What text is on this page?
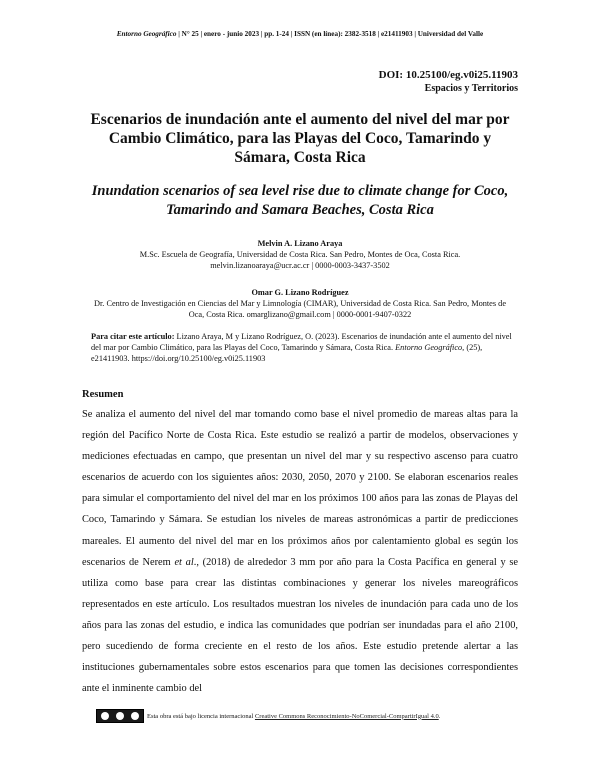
Entorno Geográfico | N° 25 | enero - junio 2023 | pp. 1-24 | ISSN (en línea): 2382-3518 | e21411903 | Universidad del Valle
DOI: 10.25100/eg.v0i25.11903
Espacios y Territorios
Escenarios de inundación ante el aumento del nivel del mar por Cambio Climático, para las Playas del Coco, Tamarindo y Sámara, Costa Rica
Inundation scenarios of sea level rise due to climate change for Coco, Tamarindo and Samara Beaches, Costa Rica
Melvin A. Lizano Araya
M.Sc. Escuela de Geografía, Universidad de Costa Rica. San Pedro, Montes de Oca, Costa Rica.
melvin.lizanoaraya@ucr.ac.cr | 0000-0003-3437-3502
Omar G. Lizano Rodríguez
Dr. Centro de Investigación en Ciencias del Mar y Limnología (CIMAR), Universidad de Costa Rica. San Pedro, Montes de Oca, Costa Rica. omarglizano@gmail.com | 0000-0001-9407-0322
Para citar este artículo: Lizano Araya, M y Lizano Rodríguez, O. (2023). Escenarios de inundación ante el aumento del nivel del mar por Cambio Climático, para las Playas del Coco, Tamarindo y Sámara, Costa Rica. Entorno Geográfico, (25), e21411903. https://doi.org/10.25100/eg.v0i25.11903
Resumen
Se analiza el aumento del nivel del mar tomando como base el nivel promedio de mareas altas para la región del Pacífico Norte de Costa Rica. Este estudio se realizó a partir de modelos, observaciones y mediciones efectuadas en campo, que presentan un nivel del mar y su respectivo ascenso para cuatro escenarios de acuerdo con los siguientes años: 2030, 2050, 2070 y 2100. Se elaboran escenarios reales para simular el comportamiento del nivel del mar en los próximos 100 años para las zonas de Playas del Coco, Tamarindo y Sámara. Se estudian los niveles de mareas astronómicas a partir de predicciones mareales. El aumento del nivel del mar en los próximos años por calentamiento global es según los escenarios de Nerem et al., (2018) de alrededor 3 mm por año para la Costa Pacífica en general y se utiliza como base para crear las distintas combinaciones y generar los niveles mareográficos representados en este artículo. Los resultados muestran los niveles de inundación para cada uno de los años para las zonas del estudio, e indica las comunidades que podrían ser inundadas para el año 2100, pero sucediendo de forma creciente en el resto de los años. Este estudio pretende alertar a las instituciones gubernamentales sobre estos escenarios para que tomen las decisiones correspondientes ante el inminente cambio del
Esta obra está bajo licencia internacional
Creative Commons Reconocimiento-NoComercial-CompartirIgual 4.0 .
